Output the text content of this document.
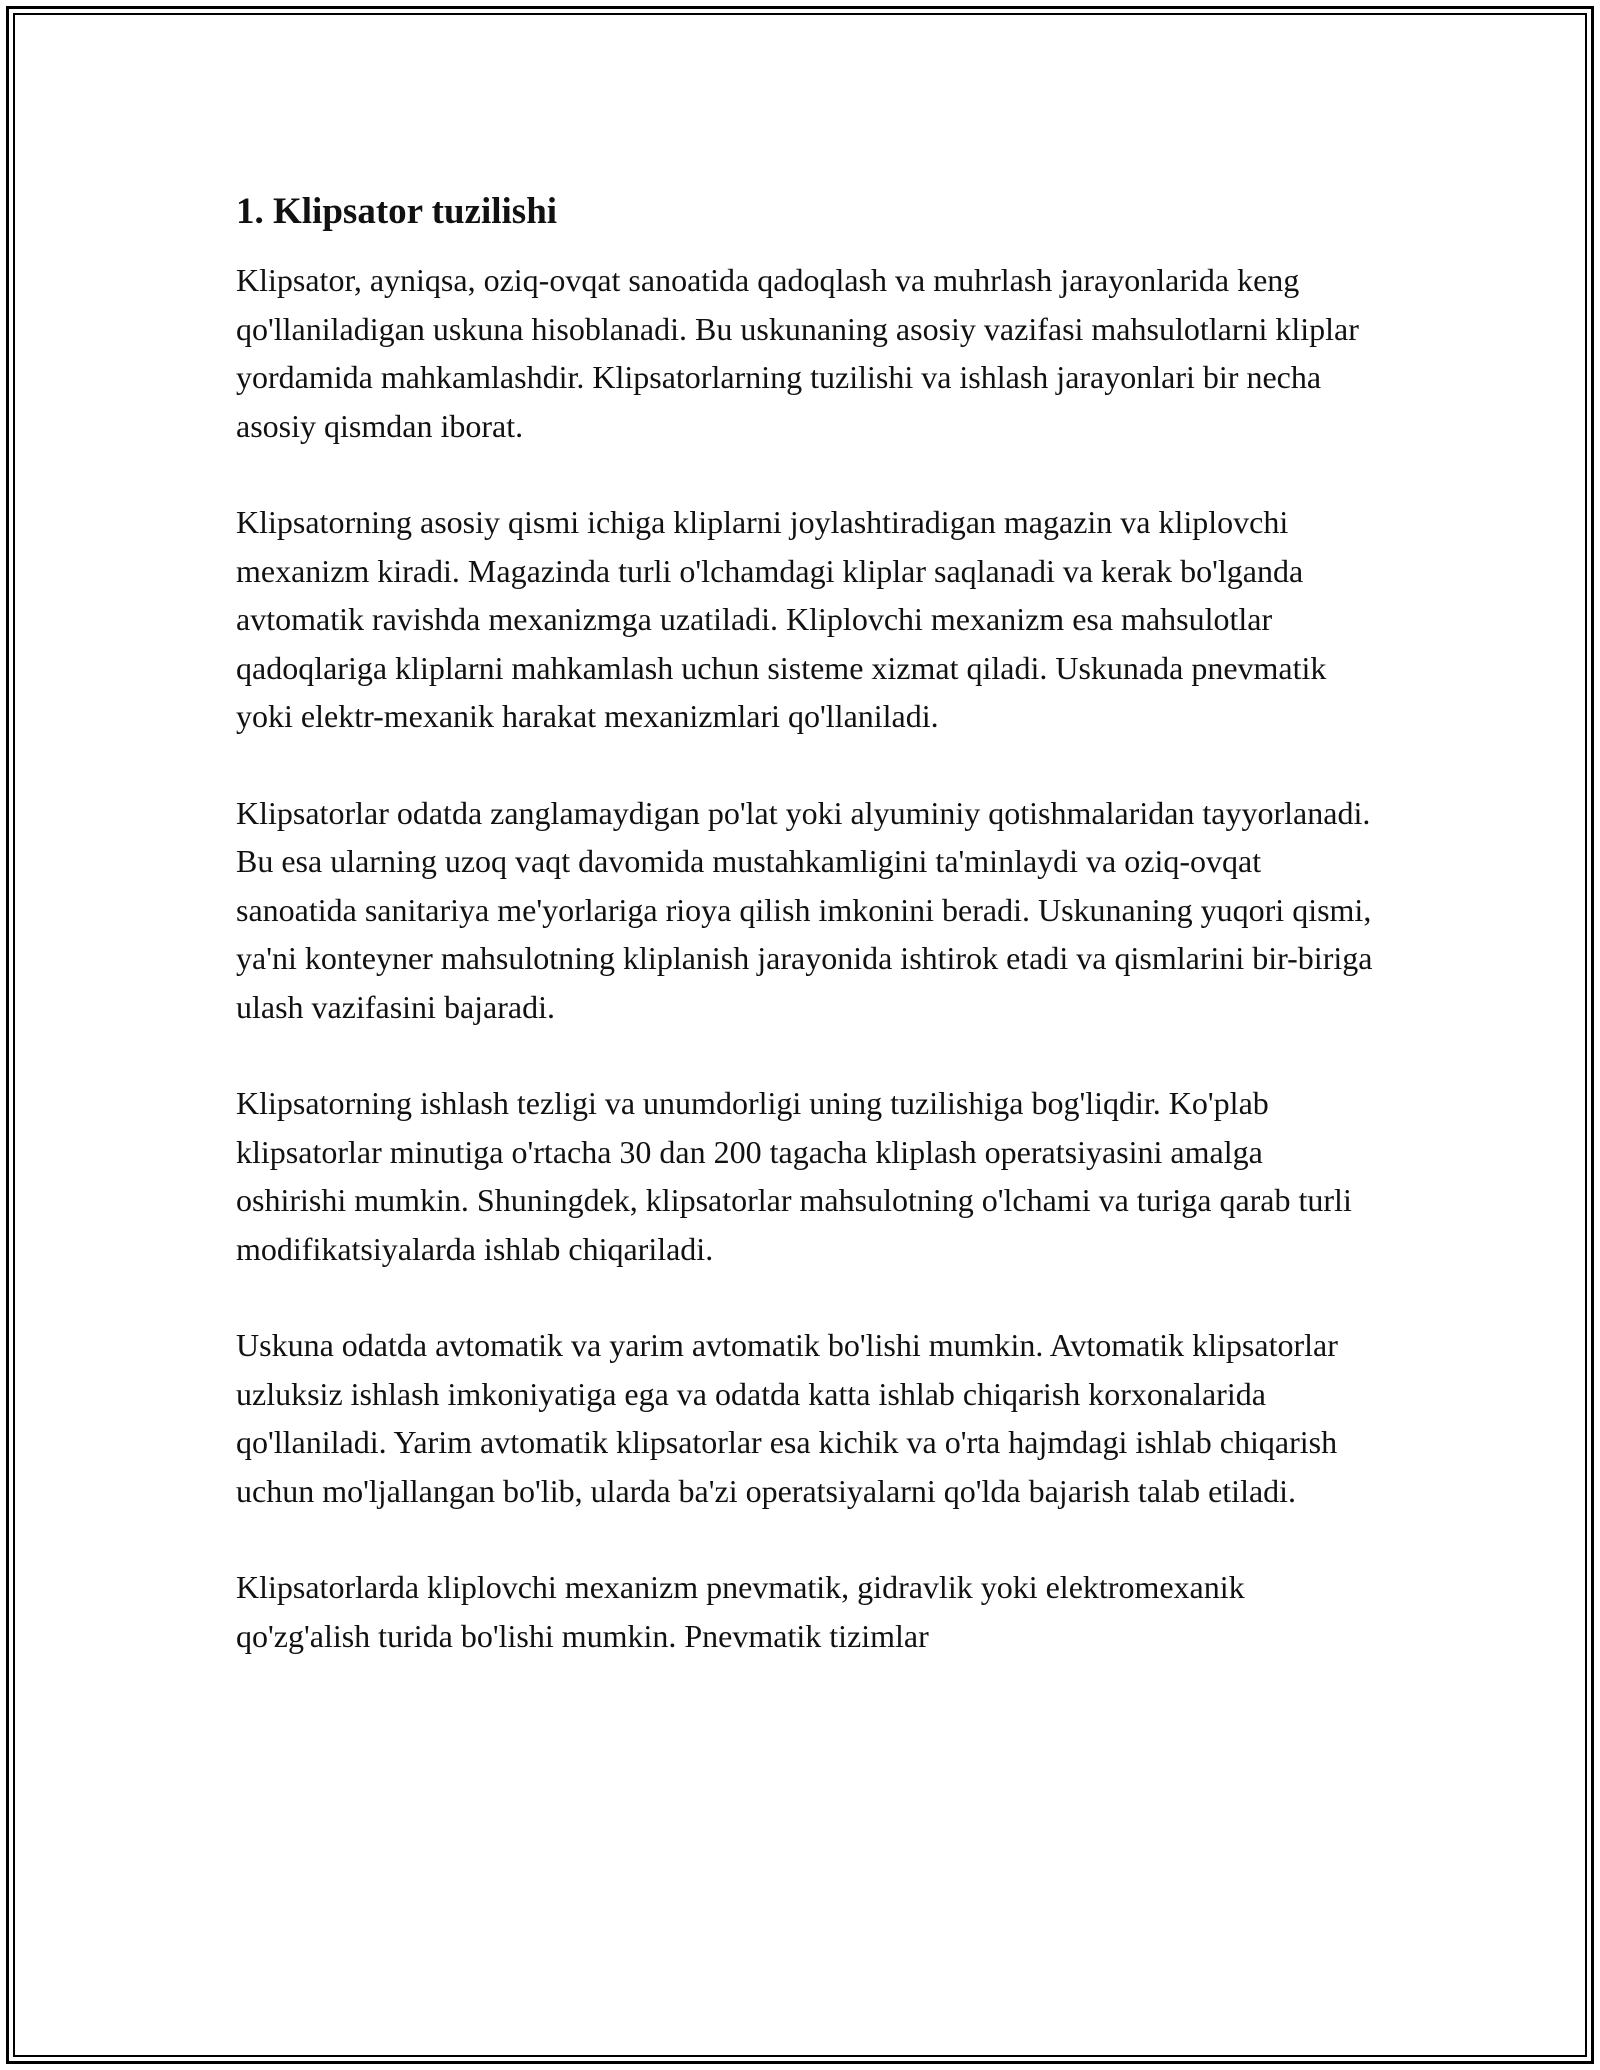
1. Klipsator tuzilishi

Klipsator, ayniqsa, oziq-ovqat sanoatida qadoqlash va muhrlash jarayonlarida keng qo'llaniladigan uskuna hisoblanadi. Bu uskunaning asosiy vazifasi mahsulotlarni kliplar yordamida mahkamlashdir. Klipsatorlarning tuzilishi va ishlash jarayonlari bir necha asosiy qismdan iborat.

Klipsatorning asosiy qismi ichiga kliplarni joylashtiradigan magazin va kliplovchi mexanizm kiradi. Magazinda turli o'lchamdagi kliplar saqlanadi va kerak bo'lganda avtomatik ravishda mexanizmga uzatiladi. Kliplovchi mexanizm esa mahsulotlar qadoqlariga kliplarni mahkamlash uchun sisteme xizmat qiladi. Uskunada pnevmatik yoki elektr-mexanik harakat mexanizmlari qo'llaniladi.

Klipsatorlar odatda zanglamaydigan po'lat yoki alyuminiy qotishmalaridan tayyorlanadi. Bu esa ularning uzoq vaqt davomida mustahkamligini ta'minlaydi va oziq-ovqat sanoatida sanitariya me'yorlariga rioya qilish imkonini beradi. Uskunaning yuqori qismi, ya'ni konteyner mahsulotning kliplanish jarayonida ishtirok etadi va qismlarini bir-biriga ulash vazifasini bajaradi.

Klipsatorning ishlash tezligi va unumdorligi uning tuzilishiga bog'liqdir. Ko'plab klipsatorlar minutiga o'rtacha 30 dan 200 tagacha kliplash operatsiyasini amalga oshirishi mumkin. Shuningdek, klipsatorlar mahsulotning o'lchami va turiga qarab turli modifikatsiyalarda ishlab chiqariladi.

Uskuna odatda avtomatik va yarim avtomatik bo'lishi mumkin. Avtomatik klipsatorlar uzluksiz ishlash imkoniyatiga ega va odatda katta ishlab chiqarish korxonalarida qo'llaniladi. Yarim avtomatik klipsatorlar esa kichik va o'rta hajmdagi ishlab chiqarish uchun mo'ljallangan bo'lib, ularda ba'zi operatsiyalarni qo'lda bajarish talab etiladi.

Klipsatorlarda kliplovchi mexanizm pnevmatik, gidravlik yoki elektromexanik qo'zg'alish turida bo'lishi mumkin. Pnevmatik tizimlar
